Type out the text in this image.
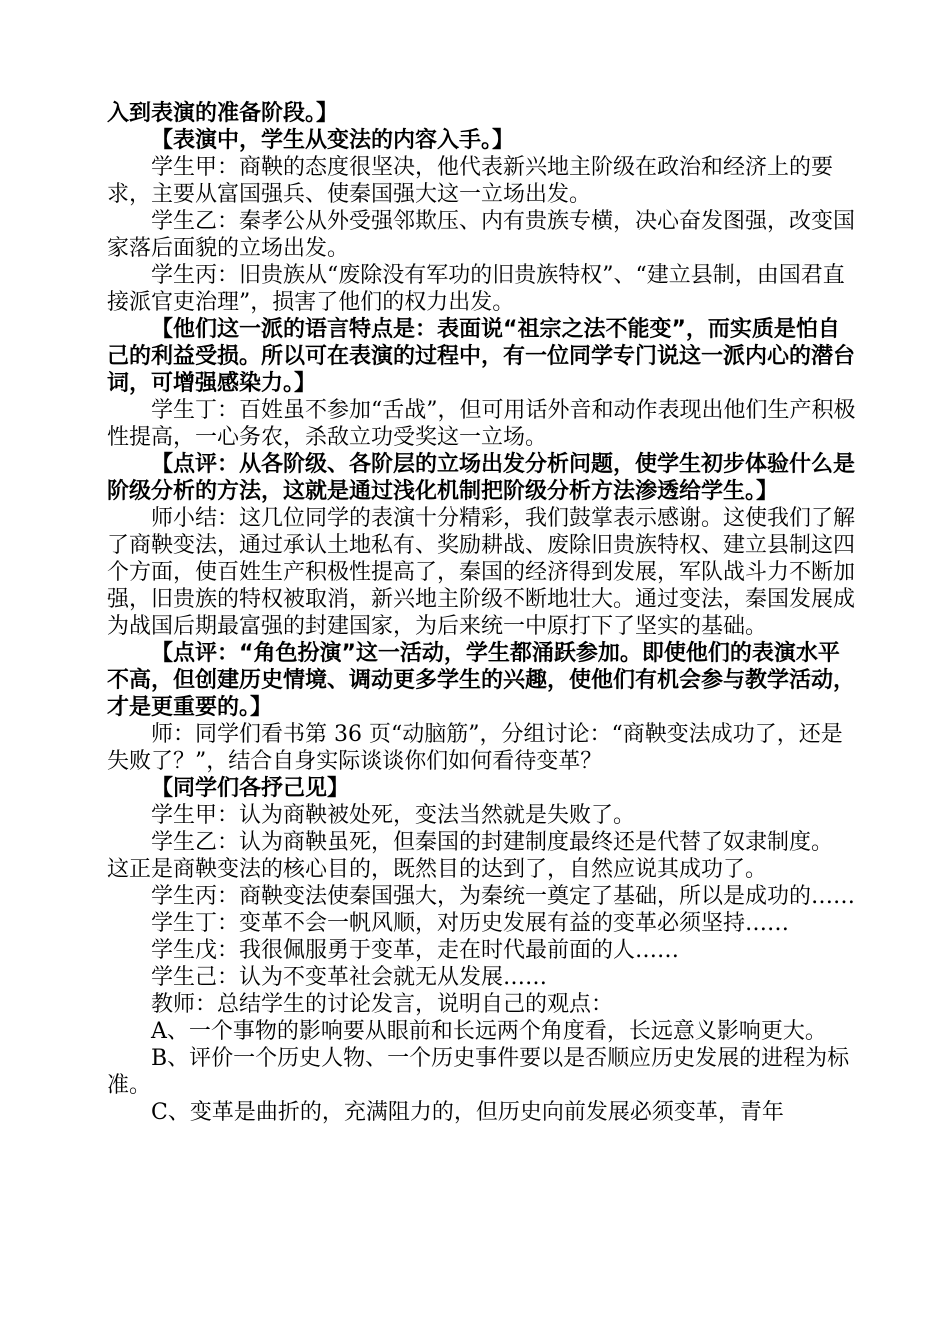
入到表演的准备阶段。】

【表演中，学生从变法的内容入手。】

学生甲：商鞅的态度很坚决，他代表新兴地主阶级在政治和经济上的要求，主要从富国强兵、使秦国强大这一立场出发。

学生乙：秦孝公从外受强邻欺压、内有贵族专横，决心奋发图强，改变国家落后面貌的立场出发。

学生丙：旧贵族从“废除没有军功的旧贵族特权”、“建立县制，由国君直接派官吏治理”，损害了他们的权力出发。

【他们这一派的语言特点是：表面说“祖宗之法不能变”，而实质是怕自己的利益受损。所以可在表演的过程中，有一位同学专门说这一派内心的潜台词，可增强感染力。】

学生丁：百姓虽不参加“舌战”，但可用话外音和动作表现出他们生产积极性提高，一心务农，杀敌立功受奖这一立场。

【点评：从各阶级、各阶层的立场出发分析问题，使学生初步体验什么是阶级分析的方法，这就是通过浅化机制把阶级分析方法渗透给学生。】

师小结：这几位同学的表演十分精彩，我们鼓掌表示感谢。这使我们了解了商鞅变法，通过承认土地私有、奖励耕战、废除旧贵族特权、建立县制这四个方面，使百姓生产积极性提高了，秦国的经济得到发展，军队战斗力不断加强，旧贵族的特权被取消，新兴地主阶级不断地壮大。通过变法，秦国发展成为战国后期最富强的封建国家，为后来统一中原打下了坚实的基础。

【点评：“角色扮演”这一活动，学生都涌跃参加。即使他们的表演水平不高，但创建历史情境、调动更多学生的兴趣，使他们有机会参与教学活动，才是更重要的。】

师：同学们看书第 36 页“动脑筋”，分组讨论：“商鞅变法成功了，还是失败了？”，结合自身实际谈谈你们如何看待变革？

【同学们各抒己见】

学生甲：认为商鞅被处死，变法当然就是失败了。

学生乙：认为商鞅虽死，但秦国的封建制度最终还是代替了奴隶制度。

这正是商鞅变法的核心目的，既然目的达到了，自然应说其成功了。

学生丙：商鞅变法使秦国强大，为秦统一奠定了基础，所以是成功的……

学生丁：变革不会一帆风顺，对历史发展有益的变革必须坚持……

学生戊：我很佩服勇于变革，走在时代最前面的人……

学生己：认为不变革社会就无从发展……

教师：总结学生的讨论发言，说明自己的观点：

A、一个事物的影响要从眼前和长远两个角度看，长远意义影响更大。

B、评价一个历史人物、一个历史事件要以是否顺应历史发展的进程为标准。

C、变革是曲折的，充满阻力的，但历史向前发展必须变革，青年
